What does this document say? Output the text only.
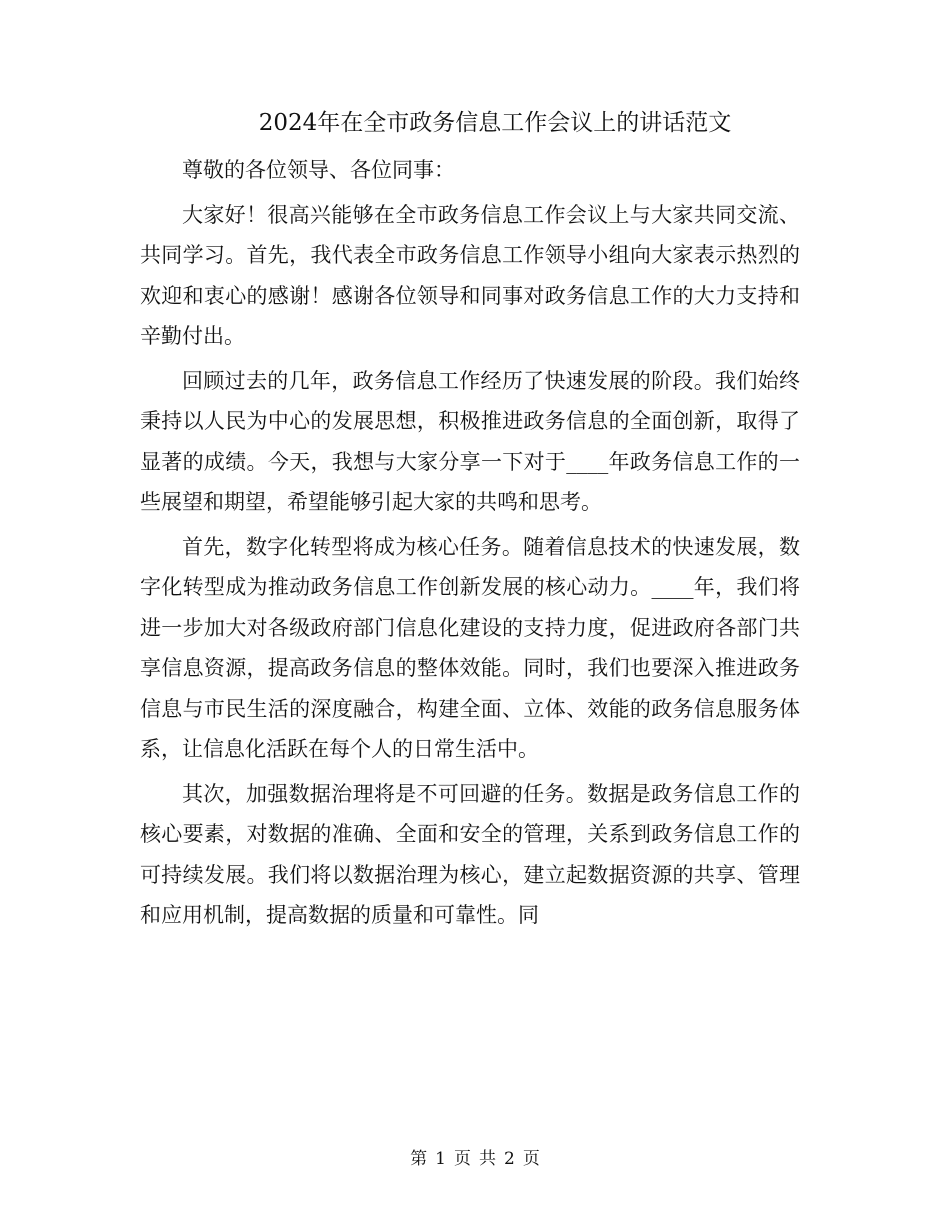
2024年在全市政务信息工作会议上的讲话范文

尊敬的各位领导、各位同事：

大家好！很高兴能够在全市政务信息工作会议上与大家共同交流、共同学习。首先，我代表全市政务信息工作领导小组向大家表示热烈的欢迎和衷心的感谢！感谢各位领导和同事对政务信息工作的大力支持和辛勤付出。

回顾过去的几年，政务信息工作经历了快速发展的阶段。我们始终秉持以人民为中心的发展思想，积极推进政务信息的全面创新，取得了显著的成绩。今天，我想与大家分享一下对于____年政务信息工作的一些展望和期望，希望能够引起大家的共鸣和思考。

首先，数字化转型将成为核心任务。随着信息技术的快速发展，数字化转型成为推动政务信息工作创新发展的核心动力。____年，我们将进一步加大对各级政府部门信息化建设的支持力度，促进政府各部门共享信息资源，提高政务信息的整体效能。同时，我们也要深入推进政务信息与市民生活的深度融合，构建全面、立体、效能的政务信息服务体系，让信息化活跃在每个人的日常生活中。

其次，加强数据治理将是不可回避的任务。数据是政务信息工作的核心要素，对数据的准确、全面和安全的管理，关系到政务信息工作的可持续发展。我们将以数据治理为核心，建立起数据资源的共享、管理和应用机制，提高数据的质量和可靠性。同

第 1 页 共 2 页
